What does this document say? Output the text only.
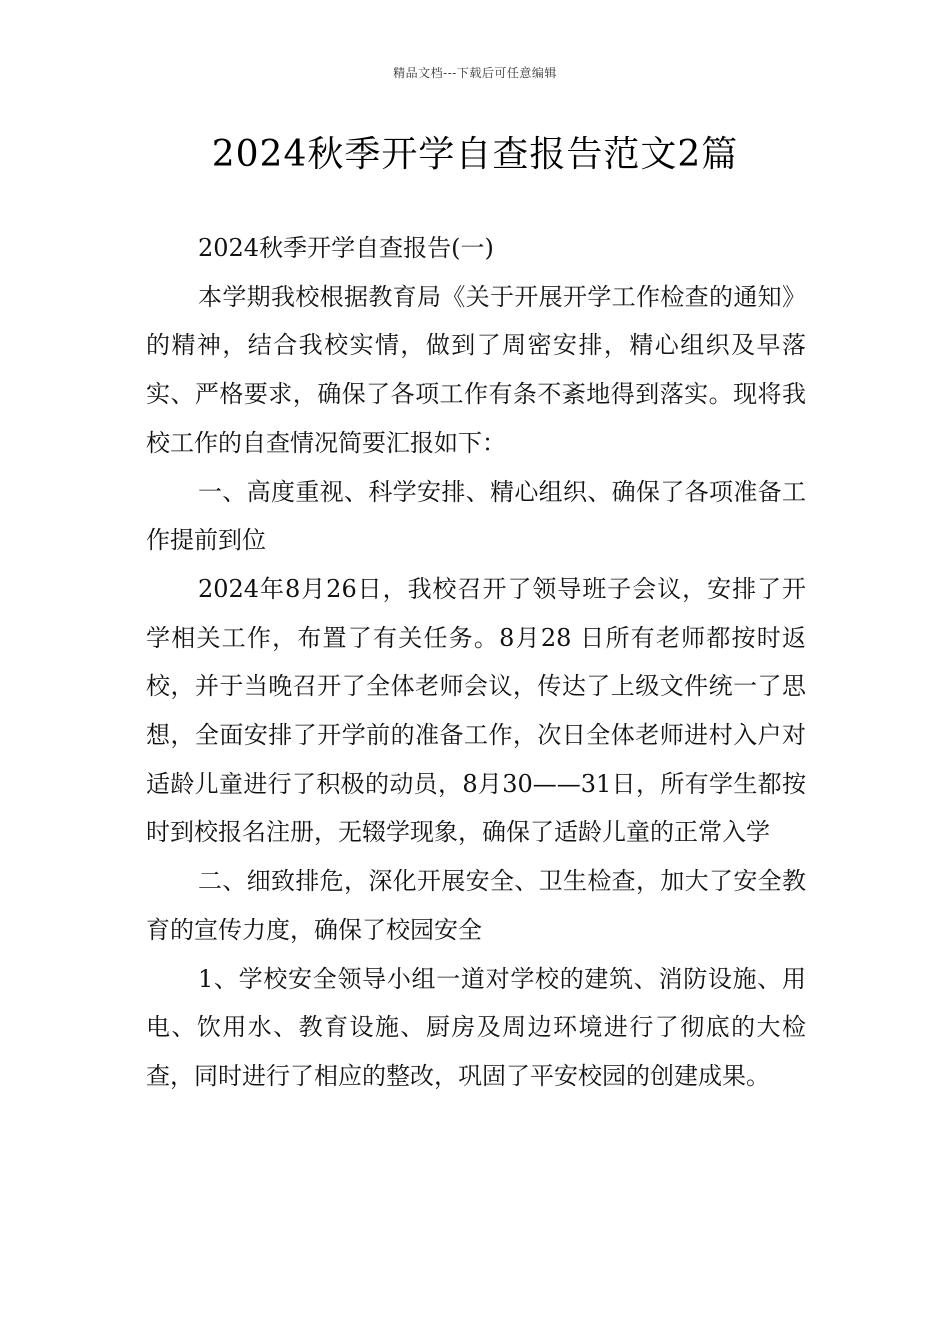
精品文档---下载后可任意编辑
2024秋季开学自查报告范文2篇

2024秋季开学自查报告(一)

本学期我校根据教育局《关于开展开学工作检查的通知》的精神，结合我校实情，做到了周密安排，精心组织及早落实、严格要求，确保了各项工作有条不紊地得到落实。现将我校工作的自查情况简要汇报如下：

一、高度重视、科学安排、精心组织、确保了各项准备工作提前到位

2024年8月26日，我校召开了领导班子会议，安排了开学相关工作，布置了有关任务。8月28 日所有老师都按时返校，并于当晚召开了全体老师会议，传达了上级文件统一了思想，全面安排了开学前的准备工作，次日全体老师进村入户对适龄儿童进行了积极的动员，8月30——31日，所有学生都按时到校报名注册，无辍学现象，确保了适龄儿童的正常入学

二、细致排危，深化开展安全、卫生检查，加大了安全教育的宣传力度，确保了校园安全

1、学校安全领导小组一道对学校的建筑、消防设施、用电、饮用水、教育设施、厨房及周边环境进行了彻底的大检查，同时进行了相应的整改，巩固了平安校园的创建成果。
